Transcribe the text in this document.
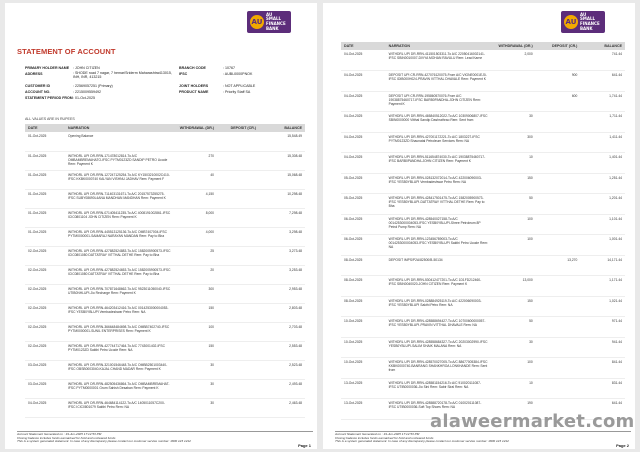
AU
AU
SMALL
FINANCE
BANK
STATEMENT OF ACCOUNT
PRIMARY HOLDER NAME	: JOHN CITIZEN	BRANCH CODE	: 10767
ADDRESS	: SHODE road 7 nagar, 7 hemar/Sriderm Maharashtra413015, INH, INR, 413215
IFSC	: AUBL0000PNOK
CUSTOMER ID	: 22569057251 (Primary)	JOINT HOLDERS	: NOT APPLICABLE
ACCOUNT NO.	: 2215009559492	PRODUCT NAME	: Priority Staff SA
STATEMENT PERIOD FROM : 01-Oct-2025
ALL VALUES ARE IN RUPEES
DATE	NARRATION	WITHDRAWAL (DR.)	DEPOSIT (CR.)	BALANCE
01-Oct-2025	Opening Balance			15,548.49
01-Oct-2025	WITHDRL UPI DR-RRN-171478012814-To A/C OMBAMBREMAHATO-IFSC PYTM0123ZD SANDIP PETRO Ucode Rem: Payment K	270		15,308.48
01-Oct-2025	WITHDRL UPI DR-RRN-127247125254-To A/C KY1503210002C410-IFSC KKBK0000740 KALYAN VISHNU JADHAV Rem: Payment F	40		15,068.48
01-Oct-2025	WITHDRL UPI DR-RRN-711403131671-To A/C 20157573255275-IFSC SUBY08690L4ANA MANDHAN MANDHAN Rem: Payment K	4,150		10,298.48
01-Oct-2025	WITHDRL UPI DR-RRN-071405411235-To A/C 4008191002861-IFSC ICIC0801104 JOHN CITIZEN Rem: Payment K	8,000		7,298.48
01-Oct-2025	WITHDRL UPI DR-RRN-445513125136-To A/C OMB7407004-IFSC PYTM0000001-SAMARAJ NARAYAN MANDAN Rem: Pay to Bha	4,000		3,298.48
02-Oct-2025	WITHDRL UPI DR-RRN-427882524883-To A/C 1582005900573-IFSC ICIC0801080 DATTATRAY VITTHAL DETHE Rem: Pay to Bha	25		3,273.48
02-Oct-2025	WITHDRL UPI DR-RRN-427882524653-To A/C 1582005900573-IFSC ICIC0801080 DATTATRAY VITTHAL DETHE Rem: Pay to Bha	20		3,253.48
02-Oct-2025	WITHDRL UPI DR-RRN-707871648662-To A/C 9523011050040-IFSC UTIB0NHLUPI-Jio Recharge Rem: Payment K	300		2,953.48
02-Oct-2025	WITHDRL UPI DR-RRN-464203412416-To A/C 0014253000004053-IFSC YESB0YBLUPI Vembadeshwar Petro Rem: NA	150		2,803.48
02-Oct-2025	WITHDRL UPI DR-RRN-366648484698-To A/C OMBB7402740-IFSC PYTM0000001-SUNIL ENTERPRISES Rem: Payment K	100		2,703.48
02-Oct-2025	WITHDRL UPI DR-RRN-427744717464-To A/C 7743001402-IFSC PYTM0123ZD Sakthi Petro Ucode Rem: NA	150		2,553.48
03-Oct-2025	WITHDRL UPI DR-RRN-321001546448-To A/C OMBB2501003440-IFSC OBSB0003040-KAJAL CHAND MADAR Rem: Payment K	30		2,523.48
03-Oct-2025	WITHDRL UPI DR-RRN-482505436864-To A/C OMBAMBREMAHAT-IFSC PYTM0000001 Grum Sahish Desaban Rem: Payment K	30		2,493.48
04-Oct-2025	WITHDRL UPI DR-RRN-464684114122-To A/C 1405011057C200-IFSC ICIC0801079 Sakthi Petro Rem: NA	30		2,463.48
Account Statement Generated on : 19-Jun-2025 17:12:53 PM
Closing balance includes funds earmarked for hold and uncleared funds
This is a system generated statement. In case of any discrepancy please contact our customer service number: 1800 123 1212
Page 1
AU
AU
SMALL
FINANCE
BANK
DATE	NARRATION	WITHDRAWAL (DR.)	DEPOSIT (CR.)	BALANCE
04-Oct-2025	WITHDRL UPI DR-RRN-411501503311-To A/C 22050416002141-IFSC SBIN0010007-DIVYA MOHAN RAVULU Rem: Lead Karne	2,000		741.44
04-Oct-2025	DEPOSIT UPI CR-RRN-427076120075-From A/C VIGNE0001EJ0-IFSC IDIB000H024-PRAVIN VITTHAL DHAVALE Rem: Payment K		900	641.44
04-Oct-2025	DEPOSIT UPI CR-RRN-195860570076-From A/C 19038875460717-IFSC BARB0PANDHA-JOHN CITIZEN Rem: Payment K		600	1,741.44
04-Oct-2025	WITHDRL UPI DR-RRN-465840512022-To A/C 10309006807-IFSC SBIN0000000 Vitthal Sandip Dashrathrao Rem: Sent from	30		1,711.44
04-Oct-2025	WITHDRL UPI DR-RRN-427001172221-To A/C 1803227-IFSC PYTM0123ZD Shaunatal Petroleum Services Rem: NA	300		1,411.44
04-Oct-2025	WITHDRL UPI DR-RRN-511654874030-To A/C 19038875460717-IFSC BARB0PANDHA-JOHN CITIZEN Rem: Payment K	10		1,401.44
05-Oct-2025	WITHDRL UPI DR-RRN-028132072014-To A/C 422006090003-IFSC YESB0YBLUPI Vembadeshwar Petro Rem: NA	150		1,251.44
05-Oct-2025	WITHDRL UPI DR-RRN-428417501475-To A/C 1582005900573-IFSC YESB0YBLUPI-DATTATRAY VITTHAL DETHE Rem: Pay to Bha	50		1,201.44
06-Oct-2025	WITHDRL UPI DR-RRN-428540027158-To A/C 0014253000004053-IFSC YESB0YBLUPI-Shree Petroleum 8P Petrol Pump Rem: NA	100		1,101.44
06-Oct-2025	WITHDRL UPI DR-RRN-123456789003-To A/C 0014253000004053-IFSC YESB0YBLUPI Sakthi Petro Ucode Rem: NA	100		1,001.44
08-Oct-2025	DEPOSIT IMPS/P2A/82500/B-50134		13,270	14,171.44
08-Oct-2025	WITHDRL UPI DR-RRN-530412477201-To A/C 1D1FD212460-IFSC SBIN0040020-JOHN CITIZEN Rem: Payment K	13,000		1,171.44
08-Oct-2025	WITHDRL UPI DR-RRN-028884925119-To A/C 422006090003-IFSC YESB0YBLUPI Sakthi Petro Rem: NA	150		1,021.44
10-Oct-2025	WITHDRL UPI DR-RRN-428588694427-To A/C 10700600000057-IFSC YESB0YBLUPI-PRAVIN VITTHAL DHAVALE Rem: NA	50		971.44
10-Oct-2025	WITHDRL UPI DR-RRN-428558684327-To A/C 20203002990-IFSC YESB0YBLUPI-SALIM SHAIK MALANA Rem: NA	30		941.44
10-Oct-2025	WITHDRL UPI DR-RRN-428570027005-To A/C 88677005384-IFSC KKBK0000740-BANRANG SHANKHROA LONKHANDE Rem: Sent from	100		841.44
13-Oct-2025	WITHDRL UPI DR-RRN-428581154216-To A/C 910020111087-IFSC UTIB0000036-Jio Sini Rem: Sabir Siral Rem: NA	10		831.44
13-Oct-2025	WITHDRL UPI DR-RRN-428588720178-To A/C 010020111087-IFSC UTIB0000036-Soft Top Shoes Rem: NA	190		641.44
Account Statement Generated on : 19-Jun-2025 17:12:53 PM
Closing balance includes funds earmarked for hold and uncleared funds
This is a system generated statement. In case of any discrepancy please contact our customer service number: 1800 123 1212
Page 2
alaweermarket.com
